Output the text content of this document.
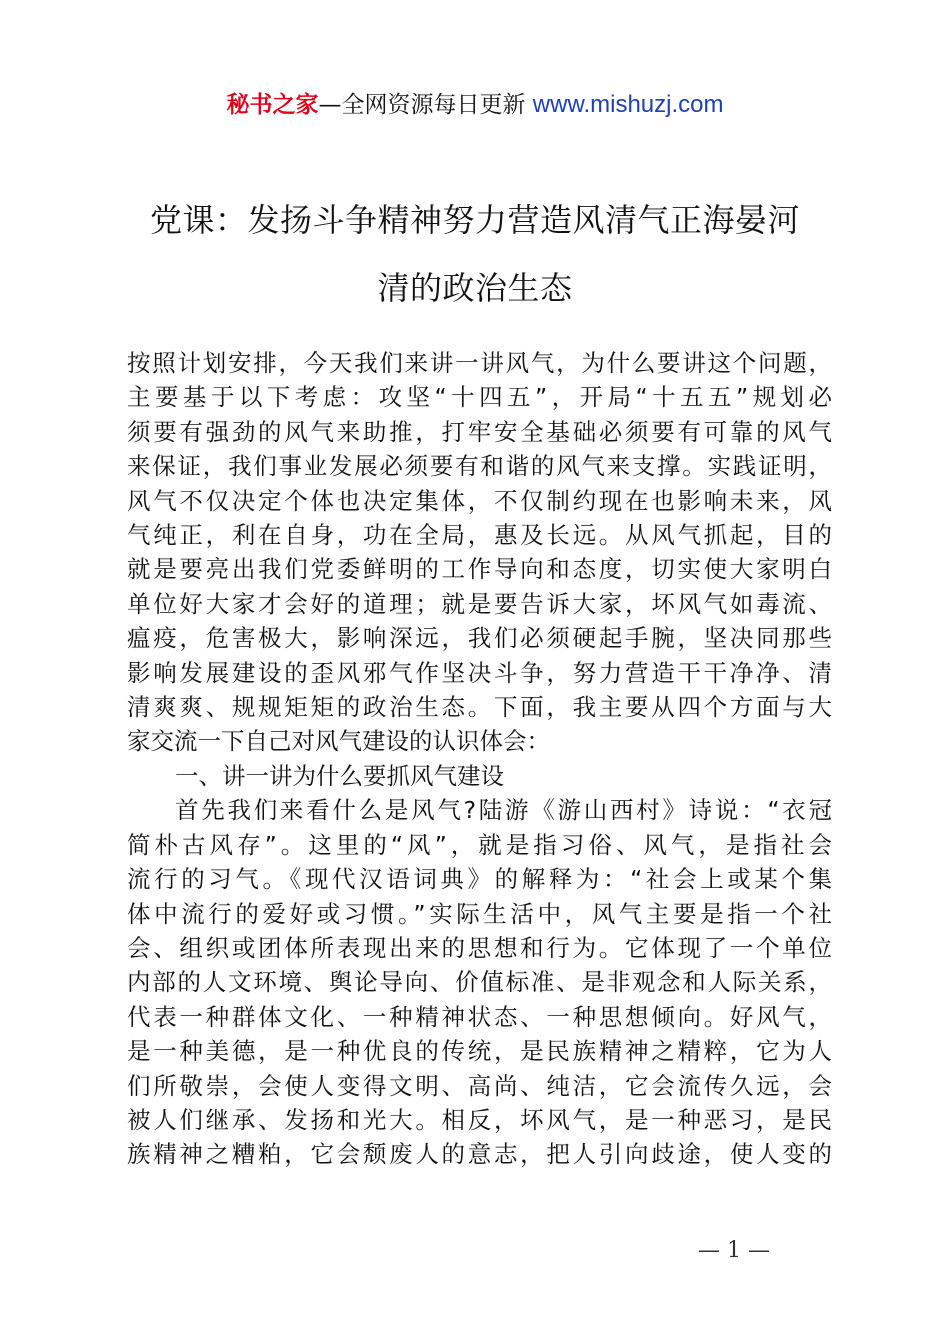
秘书之家—全网资源每日更新 www.mishuzj.com
党课：发扬斗争精神努力营造风清气正海晏河
清的政治生态
按照计划安排，今天我们来讲一讲风气，为什么要讲这个问题，
主要基于以下考虑：攻坚“十四五”，开局“十五五”规划必
须要有强劲的风气来助推，打牢安全基础必须要有可靠的风气
来保证，我们事业发展必须要有和谐的风气来支撑。实践证明，
风气不仅决定个体也决定集体，不仅制约现在也影响未来，风
气纯正，利在自身，功在全局，惠及长远。从风气抓起，目的
就是要亮出我们党委鲜明的工作导向和态度，切实使大家明白
单位好大家才会好的道理；就是要告诉大家，坏风气如毒流、
瘟疫，危害极大，影响深远，我们必须硬起手腕，坚决同那些
影响发展建设的歪风邪气作坚决斗争，努力营造干干净净、清
清爽爽、规规矩矩的政治生态。下面，我主要从四个方面与大
家交流一下自己对风气建设的认识体会：
一、讲一讲为什么要抓风气建设
首先我们来看什么是风气?陆游《游山西村》诗说：“衣冠
简朴古风存”。这里的“风”，就是指习俗、风气，是指社会
流行的习气。《现代汉语词典》的解释为：“社会上或某个集
体中流行的爱好或习惯。”实际生活中，风气主要是指一个社
会、组织或团体所表现出来的思想和行为。它体现了一个单位
内部的人文环境、舆论导向、价值标准、是非观念和人际关系，
代表一种群体文化、一种精神状态、一种思想倾向。好风气，
是一种美德，是一种优良的传统，是民族精神之精粹，它为人
们所敬崇，会使人变得文明、高尚、纯洁，它会流传久远，会
被人们继承、发扬和光大。相反，坏风气，是一种恶习，是民
族精神之糟粕，它会颓废人的意志，把人引向歧途，使人变的
— 1 —
